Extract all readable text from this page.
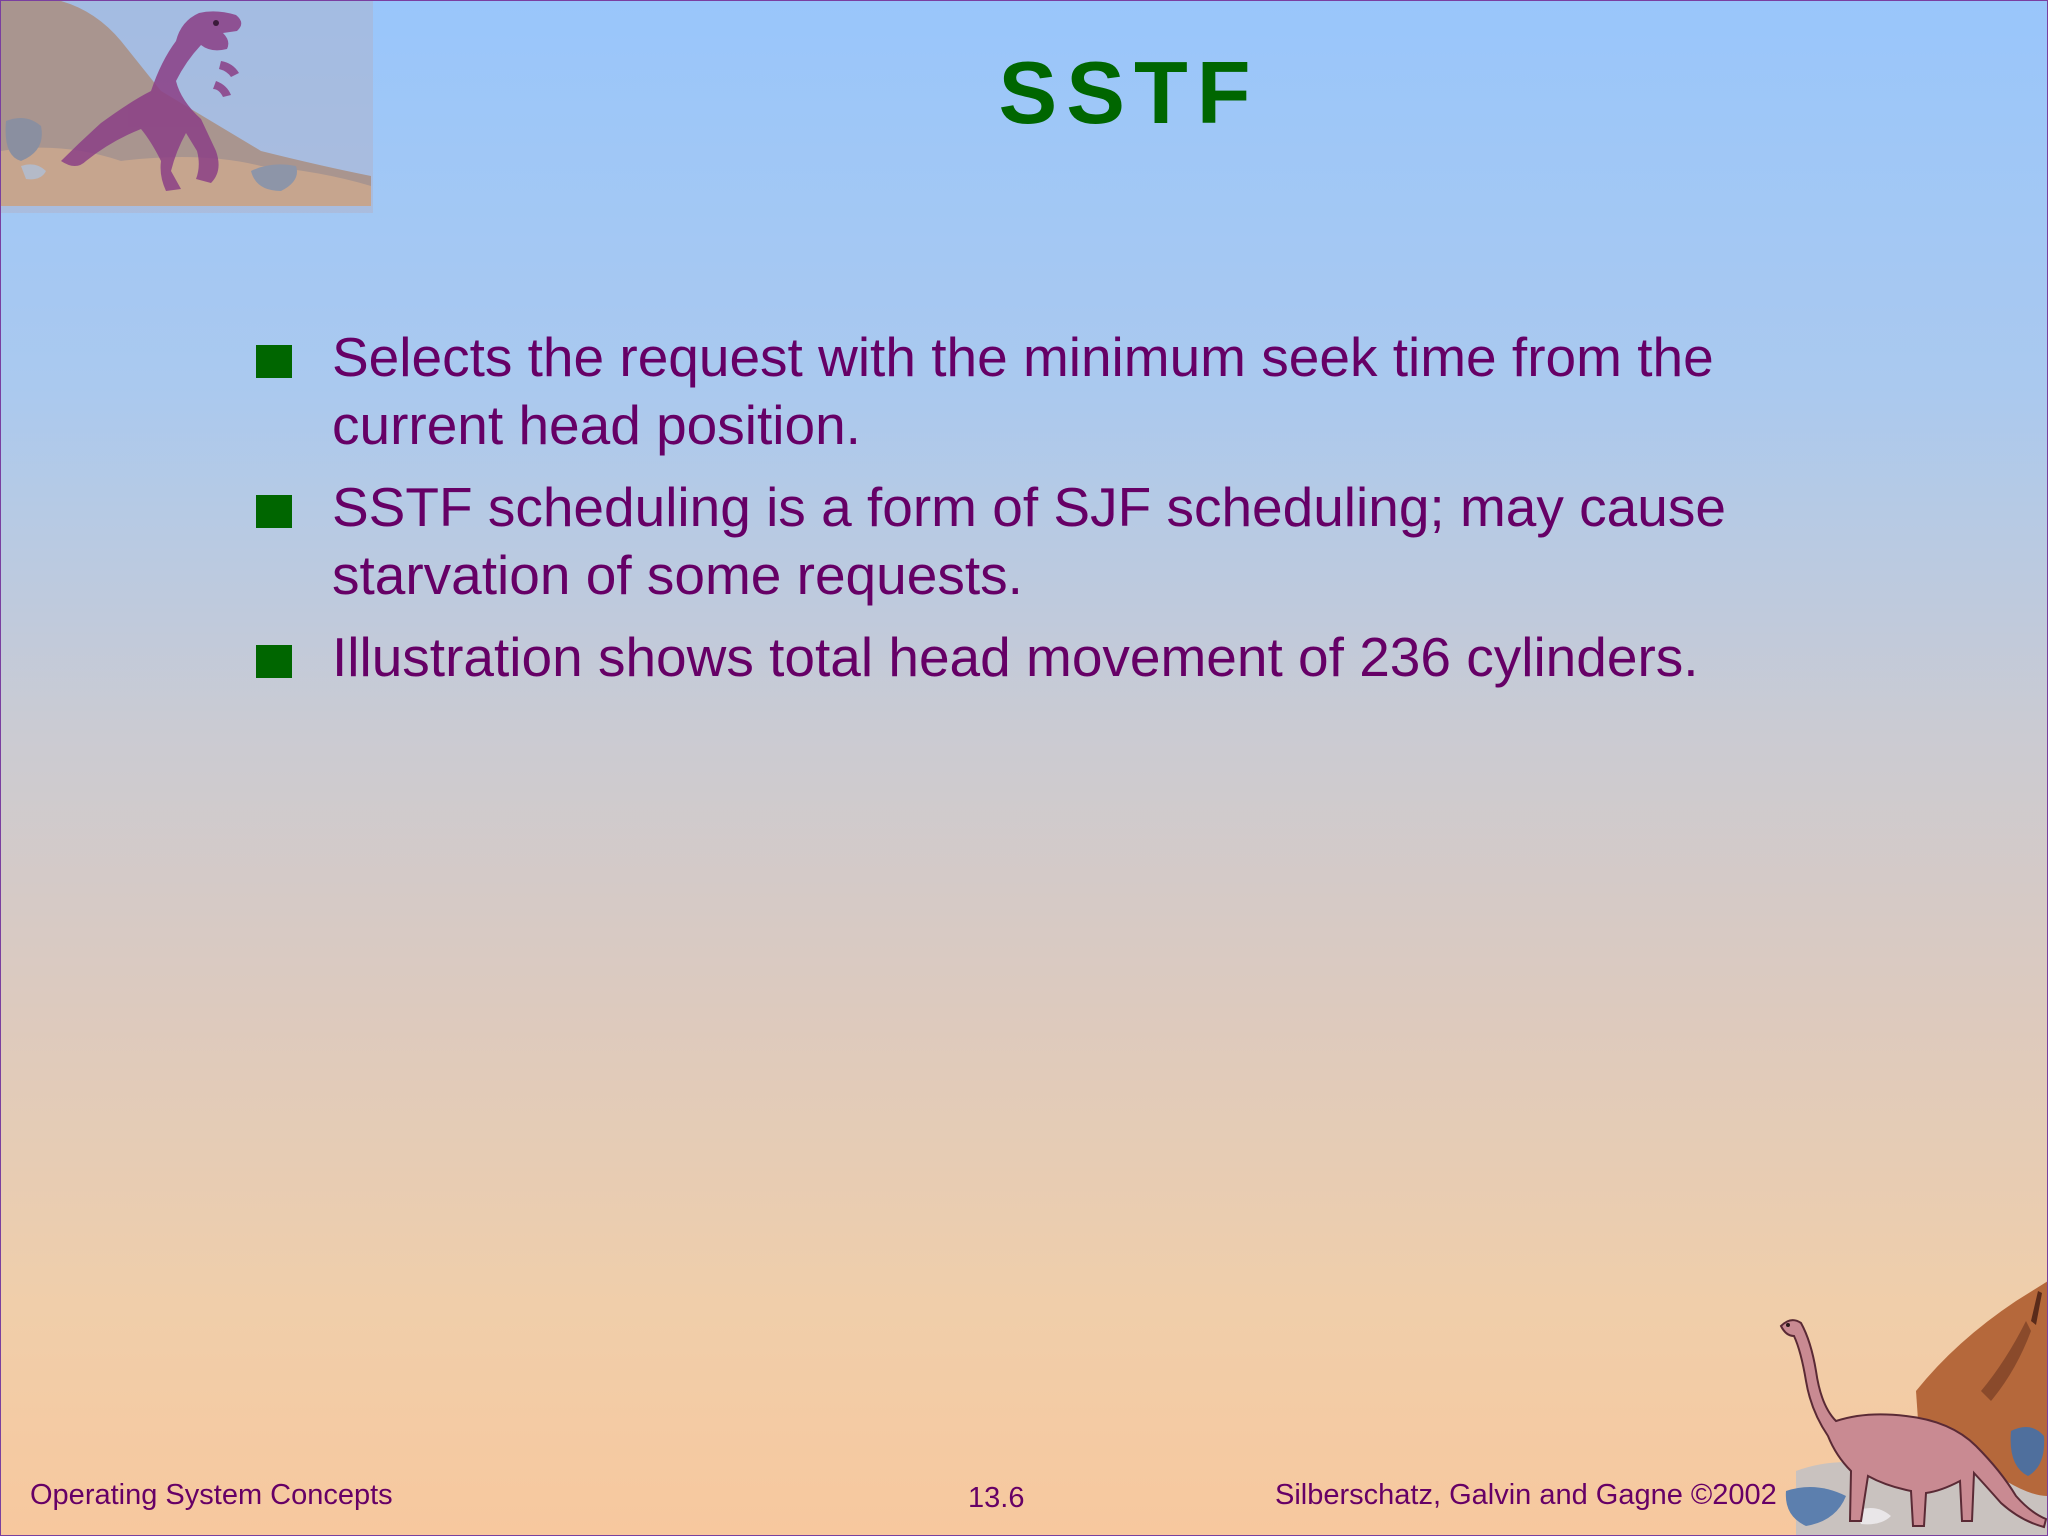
SSTF
Selects the request with the minimum seek time from the current head position.
SSTF scheduling is a form of SJF scheduling; may cause starvation of some requests.
Illustration shows total head movement of 236 cylinders.
Operating System Concepts	13.6	Silberschatz, Galvin and Gagne ©2002
